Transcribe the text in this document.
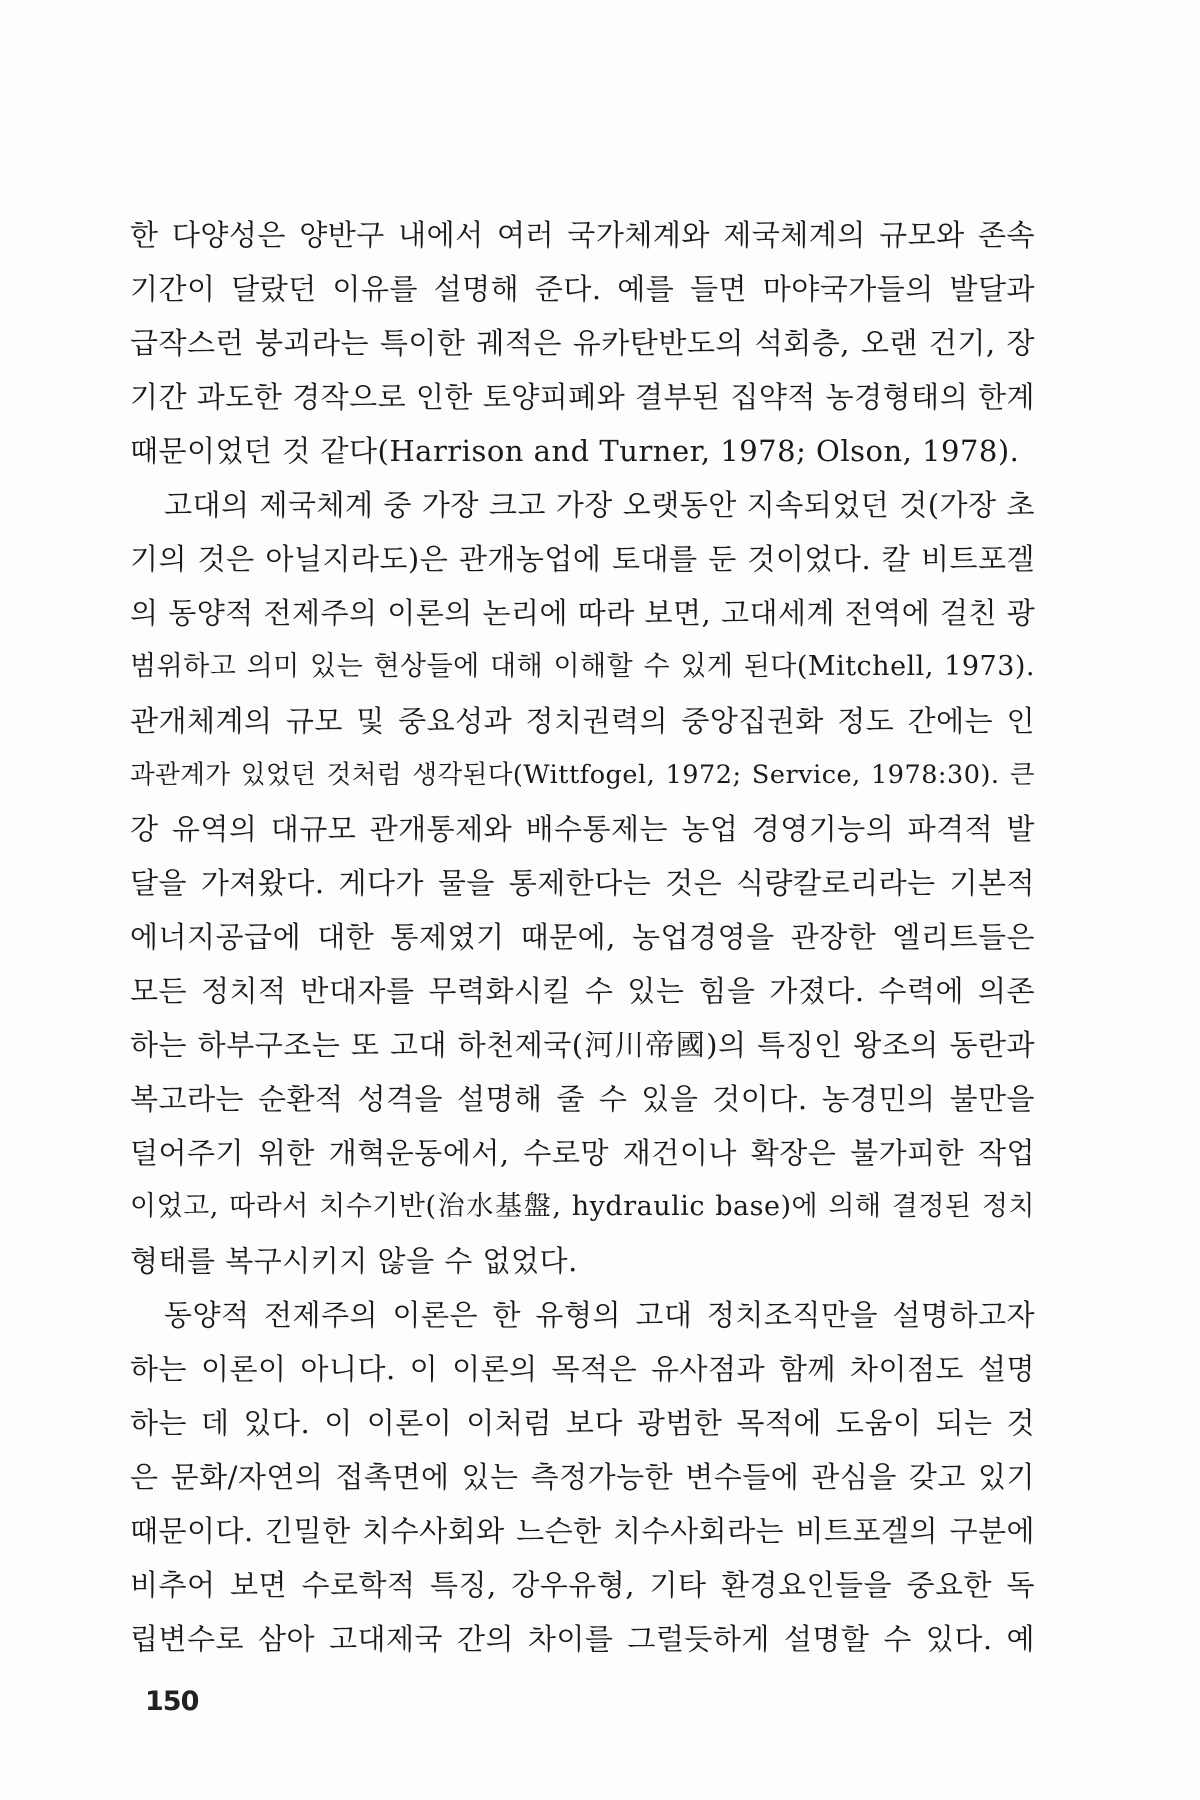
한 다양성은 양반구 내에서 여러 국가체계와 제국체계의 규모와 존속
기간이 달랐던 이유를 설명해 준다. 예를 들면 마야국가들의 발달과
급작스런 붕괴라는 특이한 궤적은 유카탄반도의 석회층, 오랜 건기, 장
기간 과도한 경작으로 인한 토양피폐와 결부된 집약적 농경형태의 한계
때문이었던 것 같다(Harrison and Turner, 1978; Olson, 1978).
고대의 제국체계 중 가장 크고 가장 오랫동안 지속되었던 것(가장 초
기의 것은 아닐지라도)은 관개농업에 토대를 둔 것이었다. 칼 비트포겔
의 동양적 전제주의 이론의 논리에 따라 보면, 고대세계 전역에 걸친 광
범위하고 의미 있는 현상들에 대해 이해할 수 있게 된다(Mitchell, 1973).
관개체계의 규모 및 중요성과 정치권력의 중앙집권화 정도 간에는 인
과관계가 있었던 것처럼 생각된다(Wittfogel, 1972; Service, 1978:30). 큰
강 유역의 대규모 관개통제와 배수통제는 농업 경영기능의 파격적 발
달을 가져왔다. 게다가 물을 통제한다는 것은 식량칼로리라는 기본적
에너지공급에 대한 통제였기 때문에, 농업경영을 관장한 엘리트들은
모든 정치적 반대자를 무력화시킬 수 있는 힘을 가졌다. 수력에 의존
하는 하부구조는 또 고대 하천제국(河川帝國)의 특징인 왕조의 동란과
복고라는 순환적 성격을 설명해 줄 수 있을 것이다. 농경민의 불만을
덜어주기 위한 개혁운동에서, 수로망 재건이나 확장은 불가피한 작업
이었고, 따라서 치수기반(治水基盤, hydraulic base)에 의해 결정된 정치
형태를 복구시키지 않을 수 없었다.
동양적 전제주의 이론은 한 유형의 고대 정치조직만을 설명하고자
하는 이론이 아니다. 이 이론의 목적은 유사점과 함께 차이점도 설명
하는 데 있다. 이 이론이 이처럼 보다 광범한 목적에 도움이 되는 것
은 문화/자연의 접촉면에 있는 측정가능한 변수들에 관심을 갖고 있기
때문이다. 긴밀한 치수사회와 느슨한 치수사회라는 비트포겔의 구분에
비추어 보면 수로학적 특징, 강우유형, 기타 환경요인들을 중요한 독
립변수로 삼아 고대제국 간의 차이를 그럴듯하게 설명할 수 있다. 예
150
